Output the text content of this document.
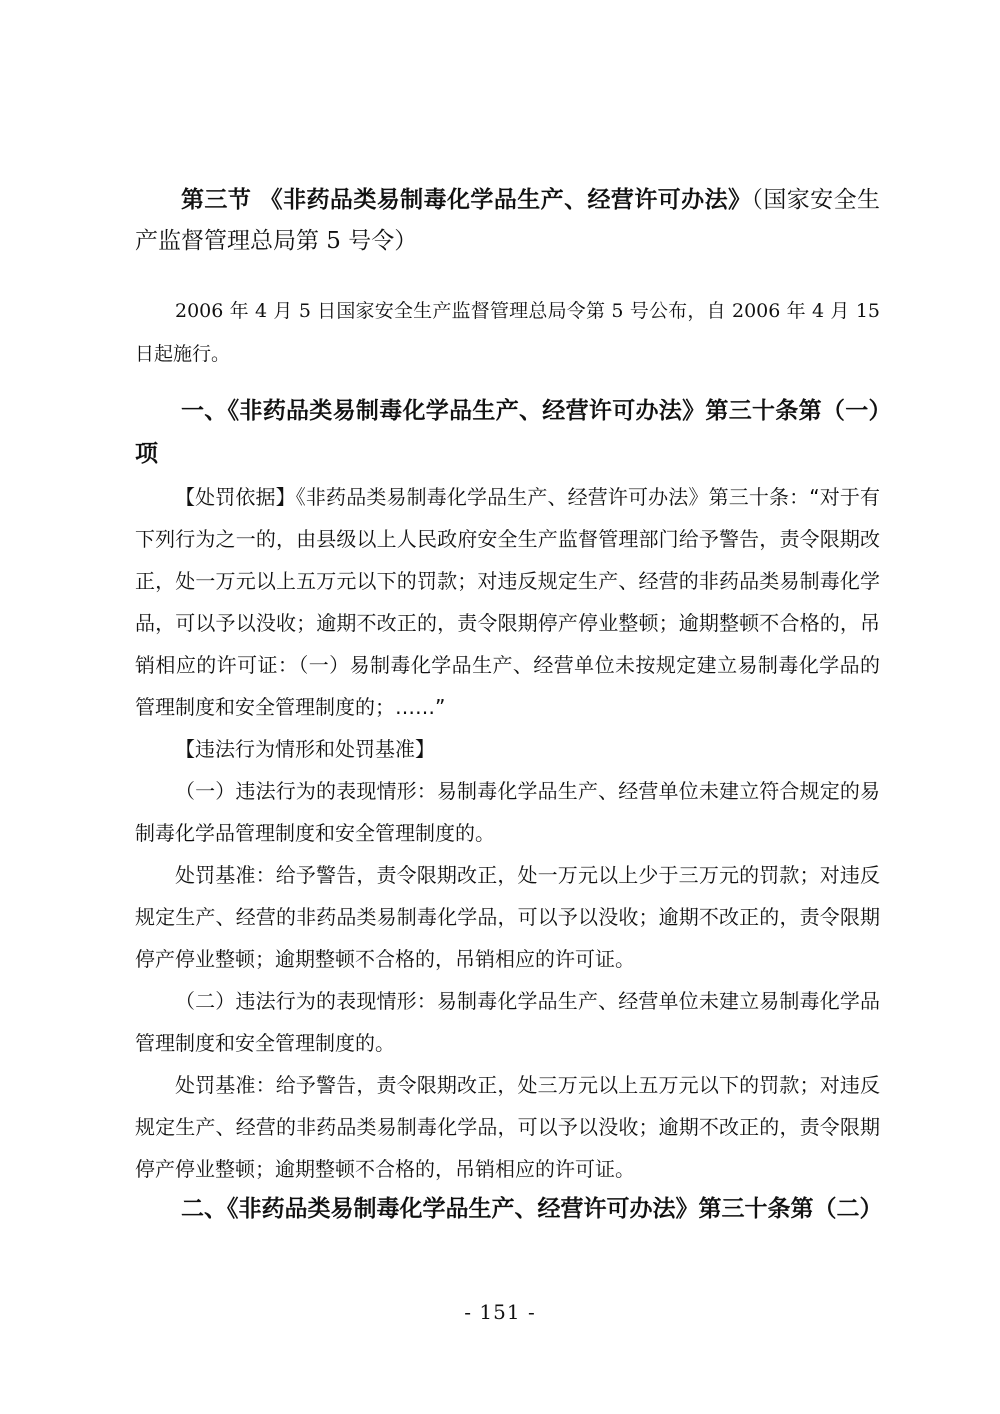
第三节 《非药品类易制毒化学品生产、经营许可办法》（国家安全生产监督管理总局第 5 号令）
2006 年 4 月 5 日国家安全生产监督管理总局令第 5 号公布，自 2006 年 4 月 15 日起施行。
一、《非药品类易制毒化学品生产、经营许可办法》第三十条第（一）项

【处罚依据】《非药品类易制毒化学品生产、经营许可办法》第三十条：“对于有下列行为之一的，由县级以上人民政府安全生产监督管理部门给予警告，责令限期改正，处一万元以上五万元以下的罚款；对违反规定生产、经营的非药品类易制毒化学品，可以予以没收；逾期不改正的，责令限期停产停业整顿；逾期整顿不合格的，吊销相应的许可证：（一）易制毒化学品生产、经营单位未按规定建立易制毒化学品的管理制度和安全管理制度的；……”

【违法行为情形和处罚基准】

（一）违法行为的表现情形：易制毒化学品生产、经营单位未建立符合规定的易制毒化学品管理制度和安全管理制度的。

处罚基准：给予警告，责令限期改正，处一万元以上少于三万元的罚款；对违反规定生产、经营的非药品类易制毒化学品，可以予以没收；逾期不改正的，责令限期停产停业整顿；逾期整顿不合格的，吊销相应的许可证。

（二）违法行为的表现情形：易制毒化学品生产、经营单位未建立易制毒化学品管理制度和安全管理制度的。

处罚基准：给予警告，责令限期改正，处三万元以上五万元以下的罚款；对违反规定生产、经营的非药品类易制毒化学品，可以予以没收；逾期不改正的，责令限期停产停业整顿；逾期整顿不合格的，吊销相应的许可证。

二、《非药品类易制毒化学品生产、经营许可办法》第三十条第（二）
- 151 -
